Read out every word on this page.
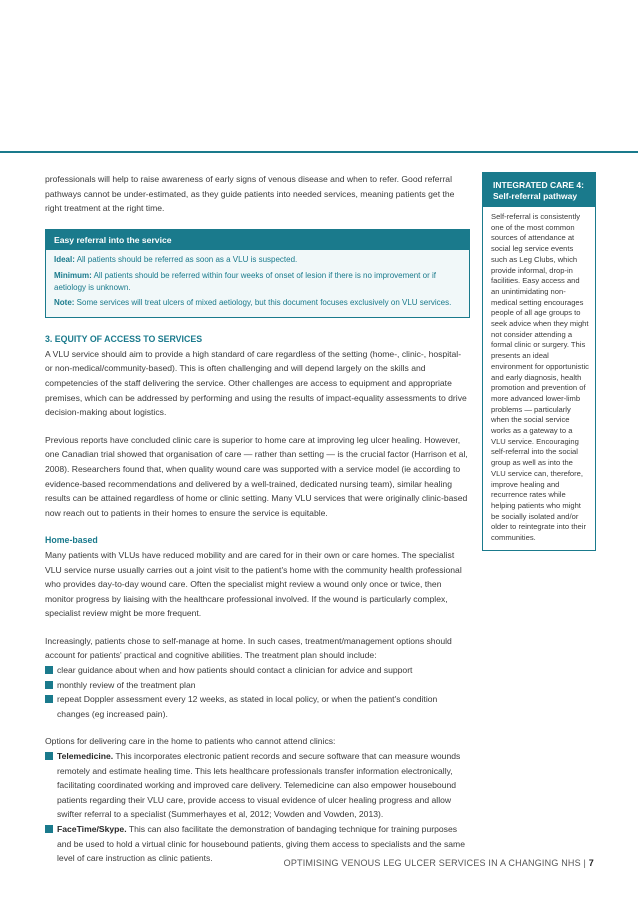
professionals will help to raise awareness of early signs of venous disease and when to refer. Good referral pathways cannot be under-estimated, as they guide patients into needed services, meaning patients get the right treatment at the right time.

Easy referral into the service
Ideal: All patients should be referred as soon as a VLU is suspected.
Minimum: All patients should be referred within four weeks of onset of lesion if there is no improvement or if aetiology is unknown.
Note: Some services will treat ulcers of mixed aetiology, but this document focuses exclusively on VLU services.
3. EQUITY OF ACCESS TO SERVICES

A VLU service should aim to provide a high standard of care regardless of the setting (home-, clinic-, hospital- or non-medical/community-based). This is often challenging and will depend largely on the skills and competencies of the staff delivering the service. Other challenges are access to equipment and appropriate premises, which can be addressed by performing and using the results of impact-equality assessments to drive decision-making about logistics.

Previous reports have concluded clinic care is superior to home care at improving leg ulcer healing. However, one Canadian trial showed that organisation of care — rather than setting — is the crucial factor (Harrison et al, 2008). Researchers found that, when quality wound care was supported with a service model (ie according to evidence-based recommendations and delivered by a well-trained, dedicated nursing team), similar healing results can be attained regardless of home or clinic setting. Many VLU services that were originally clinic-based now reach out to patients in their homes to ensure the service is equitable.

Home-based

Many patients with VLUs have reduced mobility and are cared for in their own or care homes. The specialist VLU service nurse usually carries out a joint visit to the patient's home with the community health professional who provides day-to-day wound care. Often the specialist might review a wound only once or twice, then monitor progress by liaising with the healthcare professional involved. If the wound is particularly complex, specialist review might be more frequent.

Increasingly, patients chose to self-manage at home. In such cases, treatment/management options should account for patients' practical and cognitive abilities. The treatment plan should include:

clear guidance about when and how patients should contact a clinician for advice and support
monthly review of the treatment plan
repeat Doppler assessment every 12 weeks, as stated in local policy, or when the patient's condition changes (eg increased pain).

Options for delivering care in the home to patients who cannot attend clinics:

Telemedicine. This incorporates electronic patient records and secure software that can measure wounds remotely and estimate healing time. This lets healthcare professionals transfer information electronically, facilitating coordinated working and improved care delivery. Telemedicine can also empower housebound patients regarding their VLU care, provide access to visual evidence of ulcer healing progress and allow swifter referral to a specialist (Summerhayes et al, 2012; Vowden and Vowden, 2013).
FaceTime/Skype. This can also facilitate the demonstration of bandaging technique for training purposes and be used to hold a virtual clinic for housebound patients, giving them access to specialists and the same level of care instruction as clinic patients.
INTEGRATED CARE 4:
Self-referral pathway
Self-referral is consistently one of the most common sources of attendance at social leg service events such as Leg Clubs, which provide informal, drop-in facilities. Easy access and an unintimidating non-medical setting encourages people of all age groups to seek advice when they might not consider attending a formal clinic or surgery. This presents an ideal environment for opportunistic and early diagnosis, health promotion and prevention of more advanced lower-limb problems — particularly when the social service works as a gateway to a VLU service. Encouraging self-referral into the social group as well as into the VLU service can, therefore, improve healing and recurrence rates while helping patients who might be socially isolated and/or older to reintegrate into their communities.
OPTIMISING VENOUS LEG ULCER SERVICES IN A CHANGING NHS | 7
